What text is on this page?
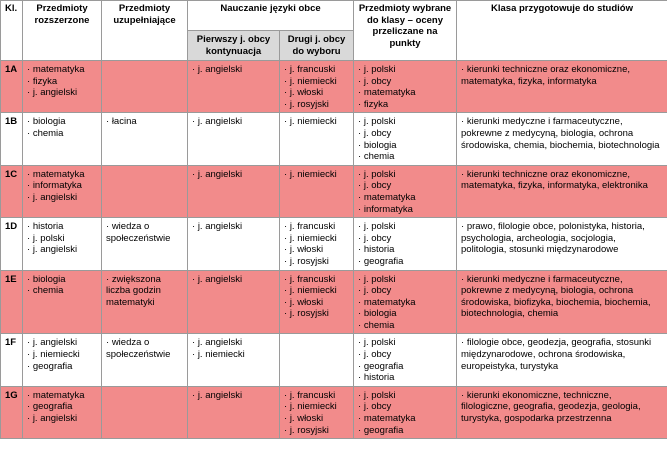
Kl.	Przedmioty rozszerzone	Przedmioty uzupełniające	Nauczanie języki obce		Przedmioty wybrane do klasy – oceny przeliczane na punkty	Klasa przygotowuje do studiów
			Pierwszy j. obcy kontynuacja	Drugi j. obcy do wyboru		
1A	· matematyka
· fizyka
· j. angielski		· j. angielski	· j. francuski
· j. niemiecki
· j. włoski
· j. rosyjski	· j. polski
· j. obcy
· matematyka
· fizyka	· kierunki techniczne oraz ekonomiczne, matematyka, fizyka, informatyka

1B	· biologia
· chemia	· łacina	· j. angielski	· j. niemiecki	· j. polski
· j. obcy
· biologia
· chemia	· kierunki medyczne i farmaceutyczne, pokrewne z medycyną, biologia, ochrona środowiska, chemia, biochemia, biotechnologia

1C	· matematyka
· informatyka
· j. angielski		· j. angielski	· j. niemiecki	· j. polski
· j. obcy
· matematyka
· informatyka	· kierunki techniczne oraz ekonomiczne, matematyka, fizyka, informatyka, elektronika

1D	· historia
· j. polski
· j. angielski	· wiedza o społeczeństwie	· j. angielski	· j. francuski
· j. niemiecki
· j. włoski
· j. rosyjski	· j. polski
· j. obcy
· historia
· geografia	· prawo, filologie obce, polonistyka, historia, psychologia, archeologia, socjologia, politologia, stosunki międzynarodowe

1E	· biologia
· chemia	· zwiększona liczba godzin matematyki	· j. angielski	· j. francuski
· j. niemiecki
· j. włoski
· j. rosyjski	· j. polski
· j. obcy
· matematyka
· biologia
· chemia	· kierunki medyczne i farmaceutyczne, pokrewne z medycyną, biologia, ochrona środowiska, biofizyka, biochemia, biochemia, biotechnologia, chemia

1F	· j. angielski
· j. niemiecki
· geografia	· wiedza o społeczeństwie	· j. angielski
· j. niemiecki		· j. polski
· j. obcy
· geografia
· historia	· filologie obce, geodezja, geografia, stosunki międzynarodowe, ochrona środowiska, europeistyka, turystyka

1G	· matematyka
· geografia
· j. angielski		· j. angielski	· j. francuski
· j. niemiecki
· j. włoski
· j. rosyjski	· j. polski
· j. obcy
· matematyka
· geografia	· kierunki ekonomiczne, techniczne, filologiczne, geografia, geodezja, geologia, turystyka, gospodarka przestrzenna
